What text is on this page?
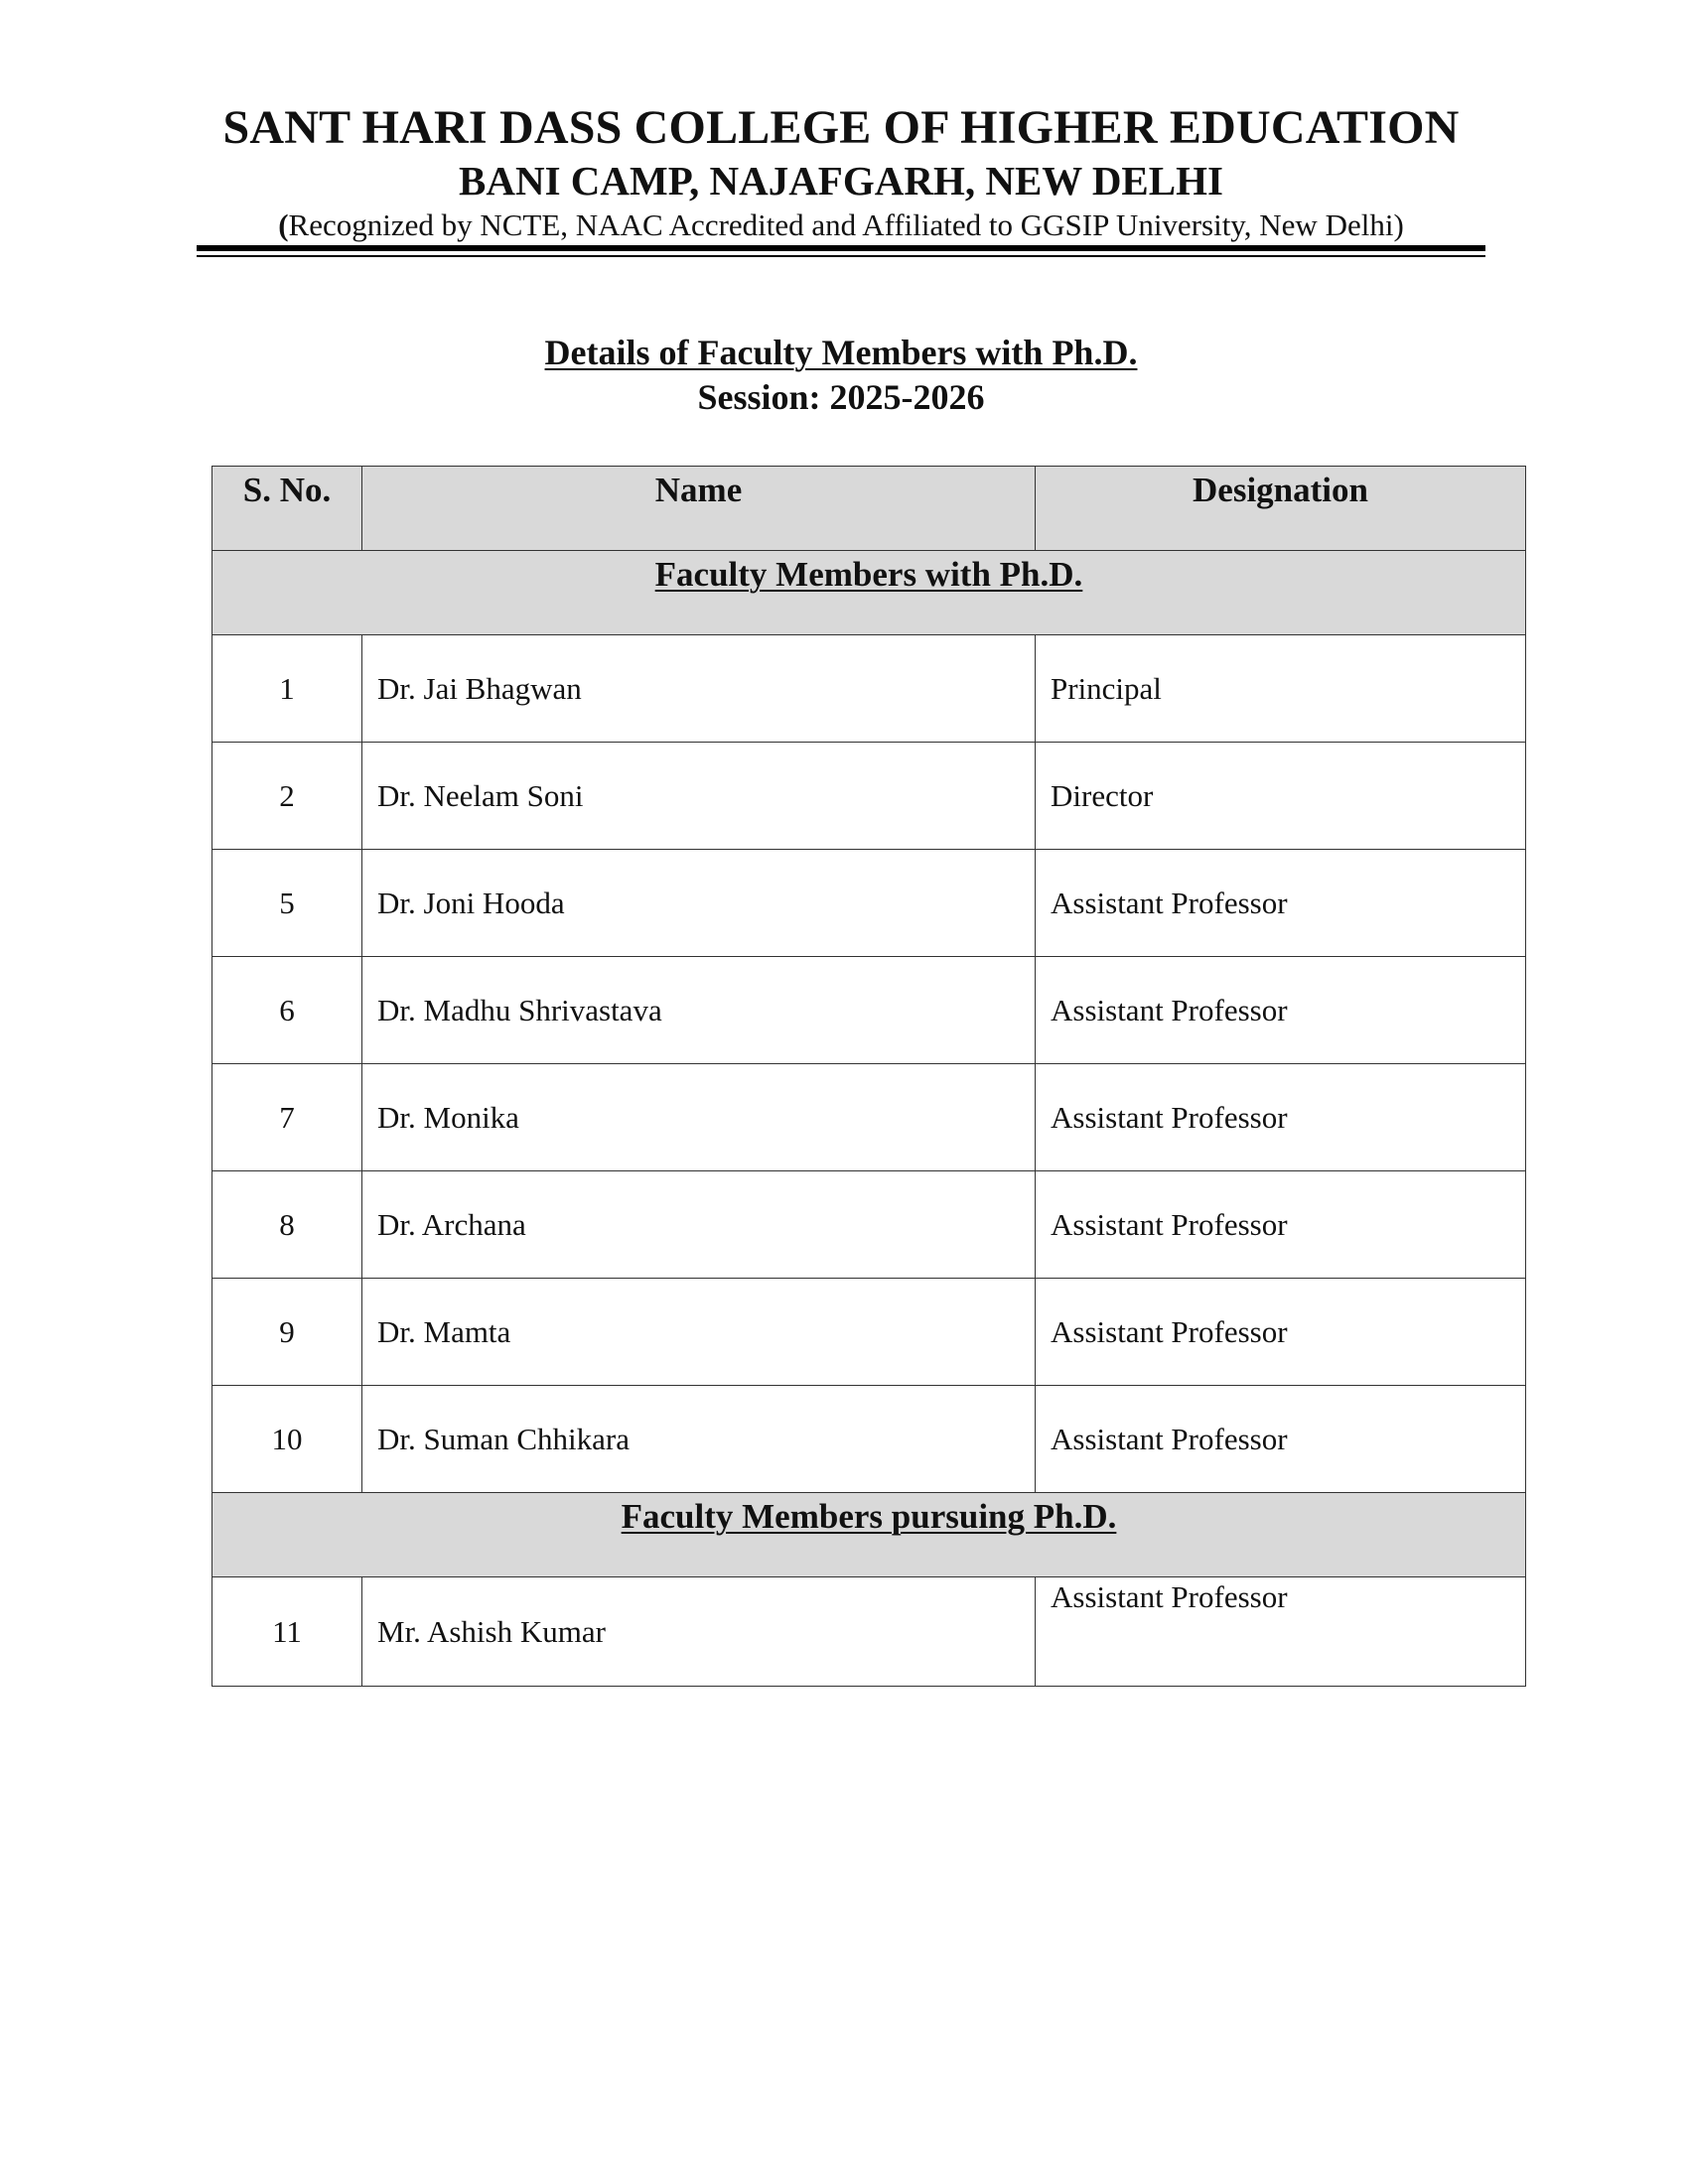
SANT HARI DASS COLLEGE OF HIGHER EDUCATION
BANI CAMP, NAJAFGARH, NEW DELHI
(Recognized by NCTE, NAAC Accredited and Affiliated to GGSIP University, New Delhi)
Details of Faculty Members with Ph.D.
Session: 2025-2026
S. No.	Name	Designation
Faculty Members with Ph.D.		
1	Dr. Jai Bhagwan	Principal
2	Dr. Neelam Soni	Director
5	Dr. Joni Hooda	Assistant Professor
6	Dr. Madhu Shrivastava	Assistant Professor
7	Dr. Monika	Assistant Professor
8	Dr. Archana	Assistant Professor
9	Dr. Mamta	Assistant Professor
10	Dr. Suman Chhikara	Assistant Professor
Faculty Members pursuing Ph.D.		
11	Mr. Ashish Kumar	Assistant Professor
